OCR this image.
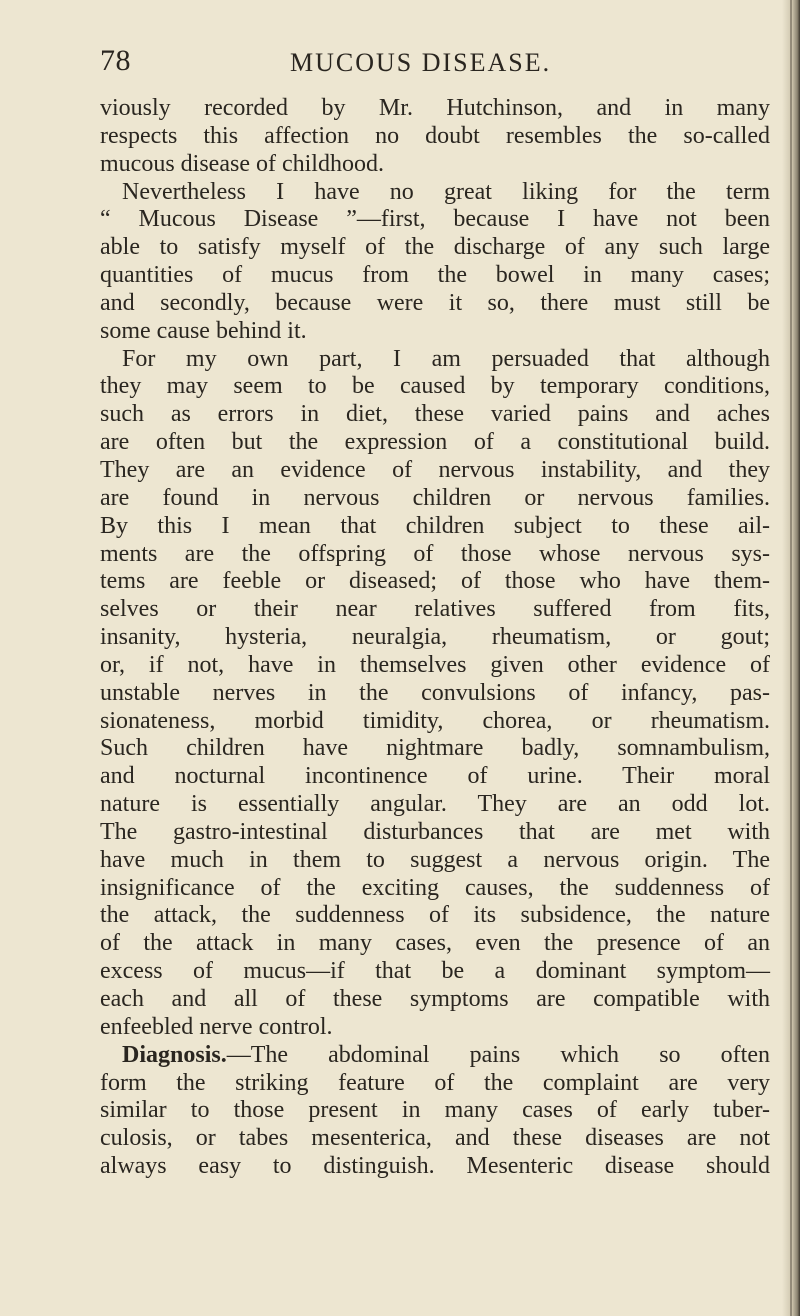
78	MUCOUS DISEASE.
viously recorded by Mr. Hutchinson, and in many
respects this affection no doubt resembles the so-called
mucous disease of childhood.
Nevertheless I have no great liking for the term
“ Mucous Disease ”—first, because I have not been
able to satisfy myself of the discharge of any such large
quantities of mucus from the bowel in many cases;
and secondly, because were it so, there must still be
some cause behind it.
For my own part, I am persuaded that although
they may seem to be caused by temporary conditions,
such as errors in diet, these varied pains and aches
are often but the expression of a constitutional build.
They are an evidence of nervous instability, and they
are found in nervous children or nervous families.
By this I mean that children subject to these ail-
ments are the offspring of those whose nervous sys-
tems are feeble or diseased; of those who have them-
selves or their near relatives suffered from fits,
insanity, hysteria, neuralgia, rheumatism, or gout;
or, if not, have in themselves given other evidence of
unstable nerves in the convulsions of infancy, pas-
sionateness, morbid timidity, chorea, or rheumatism.
Such children have nightmare badly, somnambulism,
and nocturnal incontinence of urine. Their moral
nature is essentially angular. They are an odd lot.
The gastro-intestinal disturbances that are met with
have much in them to suggest a nervous origin. The
insignificance of the exciting causes, the suddenness of
the attack, the suddenness of its subsidence, the nature
of the attack in many cases, even the presence of an
excess of mucus—if that be a dominant symptom—
each and all of these symptoms are compatible with
enfeebled nerve control.
Diagnosis.—The abdominal pains which so often
form the striking feature of the complaint are very
similar to those present in many cases of early tuber-
culosis, or tabes mesenterica, and these diseases are not
always easy to distinguish. Mesenteric disease should
